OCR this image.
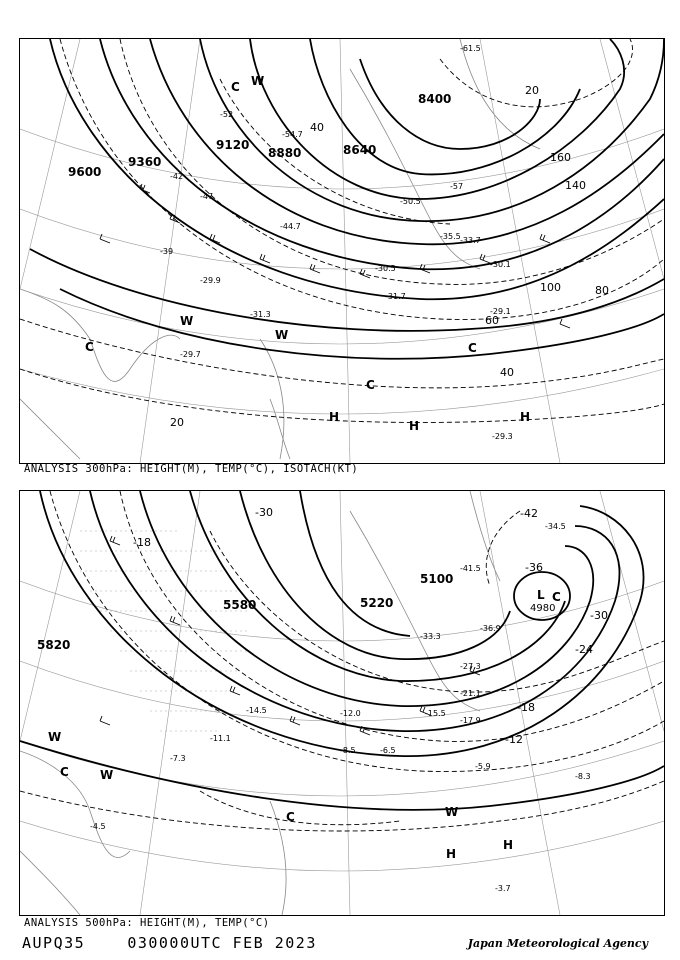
8400
8640
8880
9120
9360
9600
20
40
60
80
100
140
160
40
20
-61.5
-57
-54.7
-52
-50.5
-47
-44.7
-42
-39
-35.5 -33.7
-31.7
-30.5	-30.1
-29.9
-29.1
-29.7
-31.3
-29.3
H
H
H
C
C
C
C
W
W
W
ANALYSIS 300hPa: HEIGHT(M), TEMP(°C), ISOTACH(KT)
5100
5220
5580
5820
4980
-42
-36
-30
-24
-18
-12
-18
-30
-41.5
-36.9
-34.5
-33.3
-27.3
-21.1
-17.9
-15.5
-12.0
-8.5	-6.5
-5.9
-8.3
-14.5
-11.1
-7.3
-4.5
-3.7
L C
C
C
W
W
W
H
H
ANALYSIS 500hPa: HEIGHT(M), TEMP(°C)
AUPQ35	030000UTC FEB 2023	Japan Meteorological Agency
